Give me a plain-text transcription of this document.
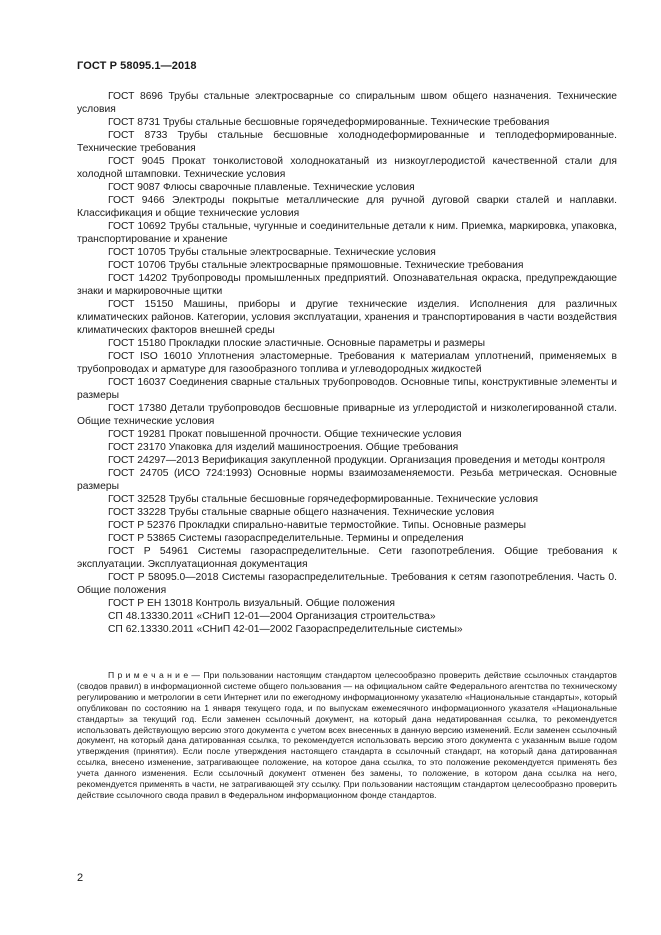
ГОСТ Р 58095.1—2018

ГОСТ 8696 Трубы стальные электросварные со спиральным швом общего назначения. Технические условия

ГОСТ 8731 Трубы стальные бесшовные горячедеформированные. Технические требования

ГОСТ 8733 Трубы стальные бесшовные холоднодеформированные и теплодеформированные. Технические требования

ГОСТ 9045 Прокат тонколистовой холоднокатаный из низкоуглеродистой качественной стали для холодной штамповки. Технические условия

ГОСТ 9087 Флюсы сварочные плавленые. Технические условия

ГОСТ 9466 Электроды покрытые металлические для ручной дуговой сварки сталей и наплавки. Классификация и общие технические условия

ГОСТ 10692 Трубы стальные, чугунные и соединительные детали к ним. Приемка, маркировка, упаковка, транспортирование и хранение

ГОСТ 10705 Трубы стальные электросварные. Технические условия

ГОСТ 10706 Трубы стальные электросварные прямошовные. Технические требования

ГОСТ 14202 Трубопроводы промышленных предприятий. Опознавательная окраска, предупреждающие знаки и маркировочные щитки

ГОСТ 15150 Машины, приборы и другие технические изделия. Исполнения для различных климатических районов. Категории, условия эксплуатации, хранения и транспортирования в части воздействия климатических факторов внешней среды

ГОСТ 15180 Прокладки плоские эластичные. Основные параметры и размеры

ГОСТ ISO 16010 Уплотнения эластомерные. Требования к материалам уплотнений, применяемых в трубопроводах и арматуре для газообразного топлива и углеводородных жидкостей

ГОСТ 16037 Соединения сварные стальных трубопроводов. Основные типы, конструктивные элементы и размеры

ГОСТ 17380 Детали трубопроводов бесшовные приварные из углеродистой и низколегированной стали. Общие технические условия

ГОСТ 19281 Прокат повышенной прочности. Общие технические условия

ГОСТ 23170 Упаковка для изделий машиностроения. Общие требования

ГОСТ 24297—2013 Верификация закупленной продукции. Организация проведения и методы контроля

ГОСТ 24705 (ИСО 724:1993) Основные нормы взаимозаменяемости. Резьба метрическая. Основные размеры

ГОСТ 32528 Трубы стальные бесшовные горячедеформированные. Технические условия

ГОСТ 33228 Трубы стальные сварные общего назначения. Технические условия

ГОСТ Р 52376 Прокладки спирально-навитые термостойкие. Типы. Основные размеры

ГОСТ Р 53865 Системы газораспределительные. Термины и определения

ГОСТ Р 54961 Системы газораспределительные. Сети газопотребления. Общие требования к эксплуатации. Эксплуатационная документация

ГОСТ Р 58095.0—2018 Системы газораспределительные. Требования к сетям газопотребления. Часть 0. Общие положения

ГОСТ Р ЕН 13018 Контроль визуальный. Общие положения

СП 48.13330.2011 «СНиП 12-01—2004 Организация строительства»

СП 62.13330.2011 «СНиП 42-01—2002 Газораспределительные системы»

П р и м е ч а н и е — При пользовании настоящим стандартом целесообразно проверить действие ссылочных стандартов (сводов правил) в информационной системе общего пользования — на официальном сайте Федерального агентства по техническому регулированию и метрологии в сети Интернет или по ежегодному информационному указателю «Национальные стандарты», который опубликован по состоянию на 1 января текущего года, и по выпускам ежемесячного информационного указателя «Национальные стандарты» за текущий год. Если заменен ссылочный документ, на который дана недатированная ссылка, то рекомендуется использовать действующую версию этого документа с учетом всех внесенных в данную версию изменений. Если заменен ссылочный документ, на который дана датированная ссылка, то рекомендуется использовать версию этого документа с указанным выше годом утверждения (принятия). Если после утверждения настоящего стандарта в ссылочный стандарт, на который дана датированная ссылка, внесено изменение, затрагивающее положение, на которое дана ссылка, то это положение рекомендуется применять без учета данного изменения. Если ссылочный документ отменен без замены, то положение, в котором дана ссылка на него, рекомендуется применять в части, не затрагивающей эту ссылку. При пользовании настоящим стандартом целесообразно проверить действие ссылочного свода правил в Федеральном информационном фонде стандартов.
2
